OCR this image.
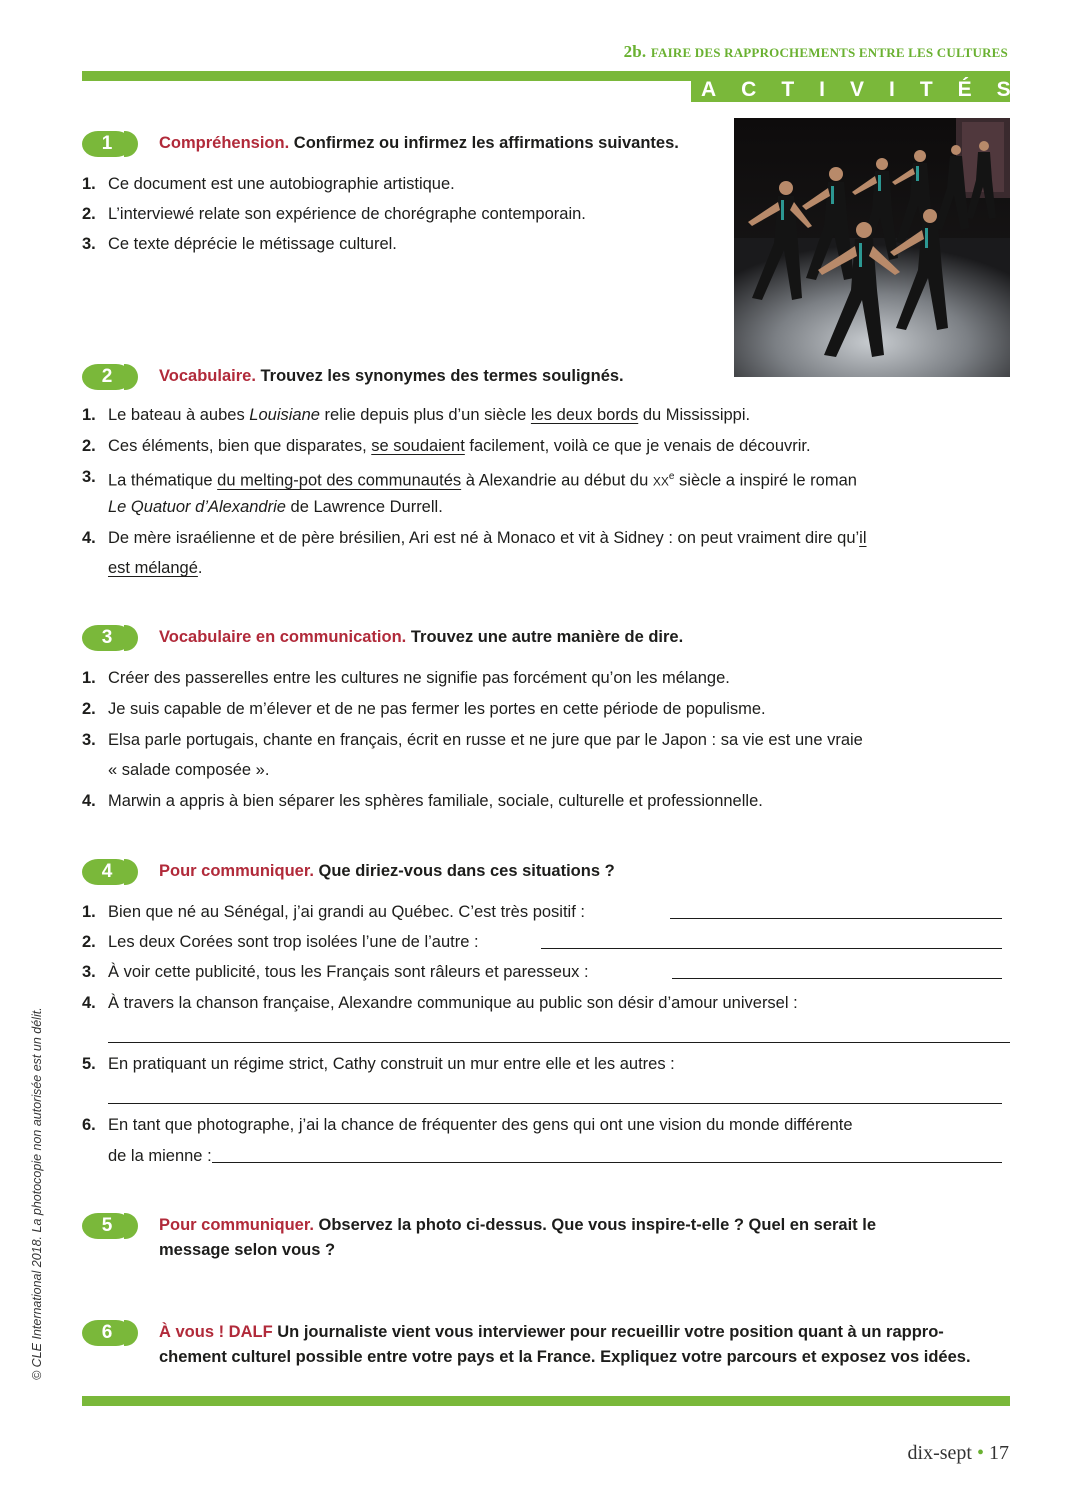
2b. FAIRE DES RAPPROCHEMENTS ENTRE LES CULTURES
ACTIVITÉS
1	Compréhension. Confirmez ou infirmez les affirmations suivantes.
1. Ce document est une autobiographie artistique.
2. L’interviewé relate son expérience de chorégraphe contemporain.
3. Ce texte déprécie le métissage culturel.
2	Vocabulaire. Trouvez les synonymes des termes soulignés.
1. Le bateau à aubes Louisiane relie depuis plus d’un siècle les deux bords du Mississippi.
2. Ces éléments, bien que disparates, se soudaient facilement, voilà ce que je venais de découvrir.
3. La thématique du melting-pot des communautés à Alexandrie au début du $xx^e$ siècle a inspiré le roman
Le Quatuor d’Alexandrie de Lawrence Durrell.
4. De mère israélienne et de père brésilien, Ari est né à Monaco et vit à Sidney : on peut vraiment dire qu’il
est mélangé.
3	Vocabulaire en communication. Trouvez une autre manière de dire.
1. Créer des passerelles entre les cultures ne signifie pas forcément qu’on les mélange.
2. Je suis capable de m’élever et de ne pas fermer les portes en cette période de populisme.
3. Elsa parle portugais, chante en français, écrit en russe et ne jure que par le Japon : sa vie est une vraie
« salade composée ».
4. Marwin a appris à bien séparer les sphères familiale, sociale, culturelle et professionnelle.
4	Pour communiquer. Que diriez-vous dans ces situations ?
1. Bien que né au Sénégal, j’ai grandi au Québec. C’est très positif :
2. Les deux Corées sont trop isolées l’une de l’autre :
3. À voir cette publicité, tous les Français sont râleurs et paresseux :
4. À travers la chanson française, Alexandre communique au public son désir d’amour universel :
5. En pratiquant un régime strict, Cathy construit un mur entre elle et les autres :
6. En tant que photographe, j’ai la chance de fréquenter des gens qui ont une vision du monde différente
de la mienne :
5	Pour communiquer. Observez la photo ci-dessus. Que vous inspire-t-elle ? Quel en serait le
message selon vous ?
6	À vous ! DALF Un journaliste vient vous interviewer pour recueillir votre position quant à un rappro-
chement culturel possible entre votre pays et la France. Expliquez votre parcours et exposez vos idées.
© CLE International 2018. La photocopie non autorisée est un délit.
dix-sept • 17
